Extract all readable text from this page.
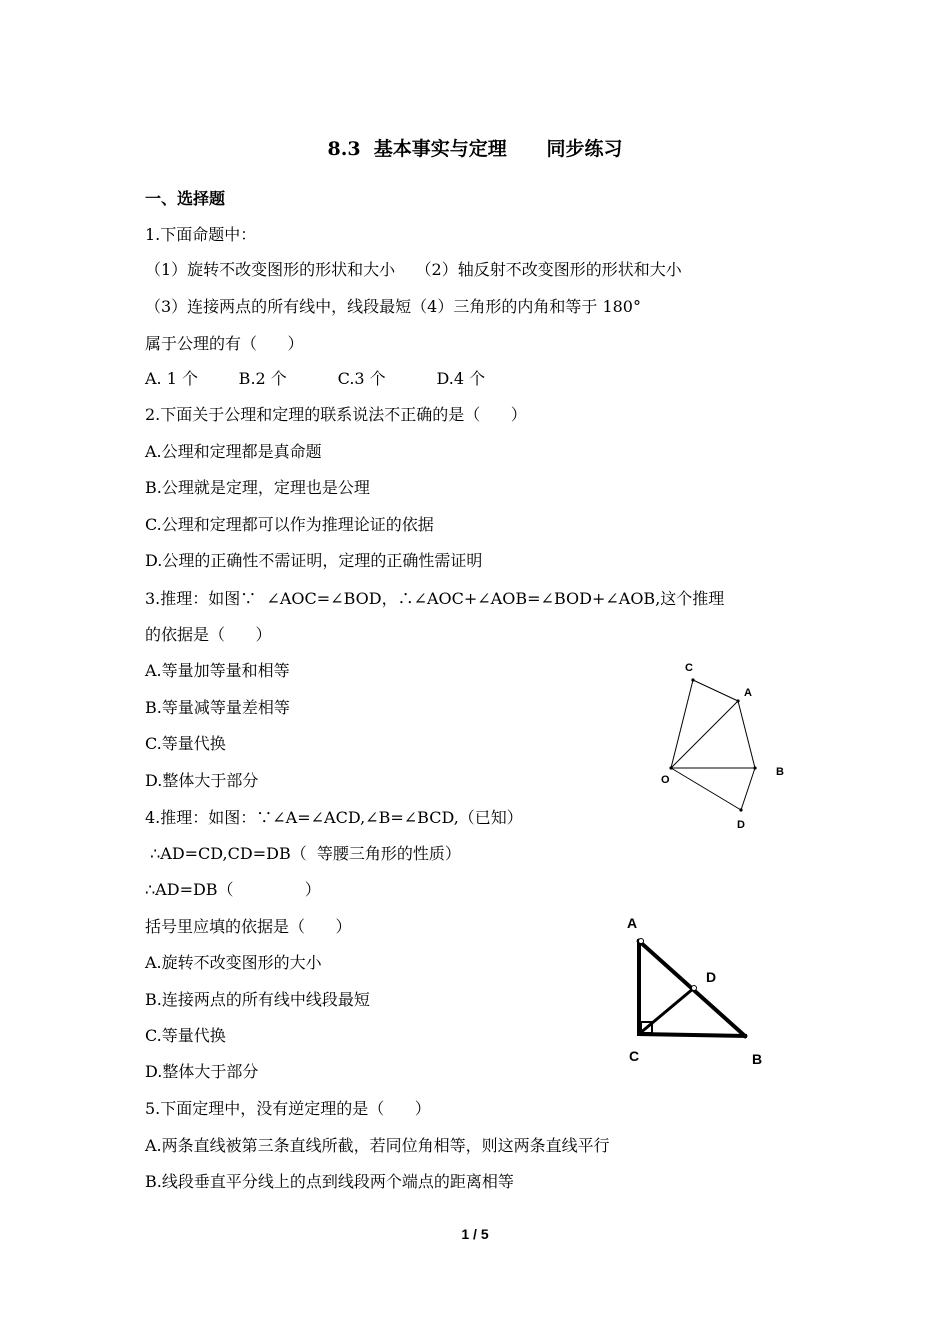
8.3  基本事实与定理      同步练习
一、选择题
1.下面命题中：
（1）旋转不改变图形的形状和大小    （2）轴反射不改变图形的形状和大小
（3）连接两点的所有线中，线段最短（4）三角形的内角和等于 180°
属于公理的有（      ）
A. 1 个        B.2 个          C.3 个          D.4 个
2.下面关于公理和定理的联系说法不正确的是（      ）
A.公理和定理都是真命题
B.公理就是定理，定理也是公理
C.公理和定理都可以作为推理论证的依据
D.公理的正确性不需证明，定理的正确性需证明
3.推理：如图∵  ∠AOC=∠BOD，∴∠AOC+∠AOB=∠BOD+∠AOB,这个推理
的依据是（      ）
A.等量加等量和相等
B.等量减等量差相等
C.等量代换
D.整体大于部分
C
A
O
B
D
4.推理：如图：∵∠A=∠ACD,∠B=∠BCD,（已知）
∴AD=CD,CD=DB（  等腰三角形的性质）
∴AD=DB（              ）
括号里应填的依据是（      ）
A.旋转不改变图形的大小
B.连接两点的所有线中线段最短
C.等量代换
D.整体大于部分
A
D
C	B
5.下面定理中，没有逆定理的是（      ）
A.两条直线被第三条直线所截，若同位角相等，则这两条直线平行
B.线段垂直平分线上的点到线段两个端点的距离相等
1 / 5
